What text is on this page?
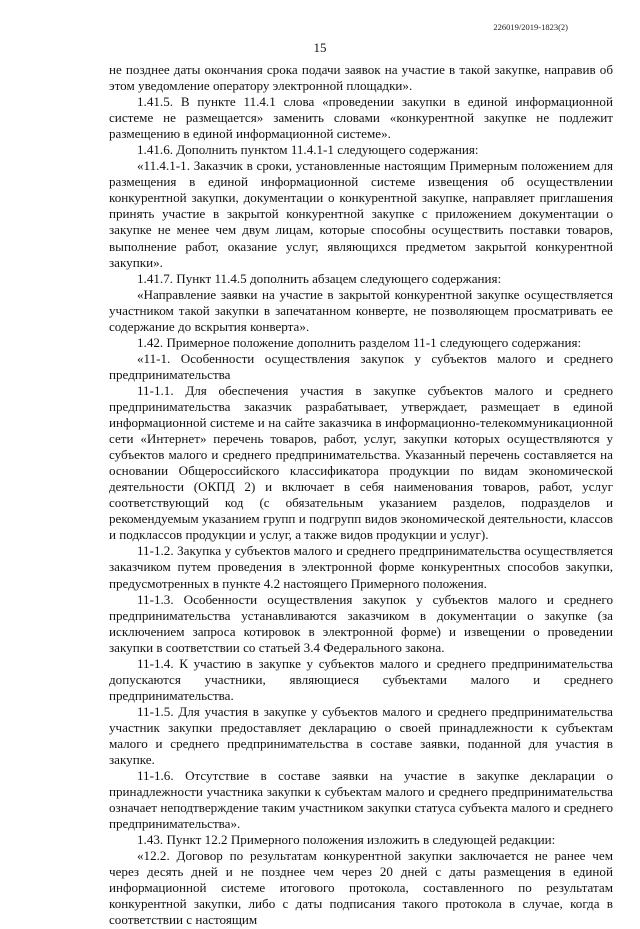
226019/2019-1823(2)
15

не позднее даты окончания срока подачи заявок на участие в такой закупке, направив об этом уведомление оператору электронной площадки».

1.41.5. В пункте 11.4.1 слова «проведении закупки в единой информационной системе не размещается» заменить словами «конкурентной закупке не подлежит размещению в единой информационной системе».

1.41.6. Дополнить пунктом 11.4.1-1 следующего содержания:

«11.4.1-1. Заказчик в сроки, установленные настоящим Примерным положением для размещения в единой информационной системе извещения об осуществлении конкурентной закупки, документации о конкурентной закупке, направляет приглашения принять участие в закрытой конкурентной закупке с приложением документации о закупке не менее чем двум лицам, которые способны осуществить поставки товаров, выполнение работ, оказание услуг, являющихся предметом закрытой конкурентной закупки».

1.41.7. Пункт 11.4.5 дополнить абзацем следующего содержания:

«Направление заявки на участие в закрытой конкурентной закупке осуществляется участником такой закупки в запечатанном конверте, не позволяющем просматривать ее содержание до вскрытия конверта».

1.42. Примерное положение дополнить разделом 11-1 следующего содержания:

«11-1. Особенности осуществления закупок у субъектов малого и среднего предпринимательства

11-1.1. Для обеспечения участия в закупке субъектов малого и среднего предпринимательства заказчик разрабатывает, утверждает, размещает в единой информационной системе и на сайте заказчика в информационно-телекоммуникационной сети «Интернет» перечень товаров, работ, услуг, закупки которых осуществляются у субъектов малого и среднего предпринимательства. Указанный перечень составляется на основании Общероссийского классификатора продукции по видам экономической деятельности (ОКПД 2) и включает в себя наименования товаров, работ, услуг соответствующий код (с обязательным указанием разделов, подразделов и рекомендуемым указанием групп и подгрупп видов экономической деятельности, классов и подклассов продукции и услуг, а также видов продукции и услуг).

11-1.2. Закупка у субъектов малого и среднего предпринимательства осуществляется заказчиком путем проведения в электронной форме конкурентных способов закупки, предусмотренных в пункте 4.2 настоящего Примерного положения.

11-1.3. Особенности осуществления закупок у субъектов малого и среднего предпринимательства устанавливаются заказчиком в документации о закупке (за исключением запроса котировок в электронной форме) и извещении о проведении закупки в соответствии со статьей 3.4 Федерального закона.

11-1.4. К участию в закупке у субъектов малого и среднего предпринимательства допускаются участники, являющиеся субъектами малого и среднего предпринимательства.

11-1.5. Для участия в закупке у субъектов малого и среднего предпринимательства участник закупки предоставляет декларацию о своей принадлежности к субъектам малого и среднего предпринимательства в составе заявки, поданной для участия в закупке.

11-1.6. Отсутствие в составе заявки на участие в закупке декларации о принадлежности участника закупки к субъектам малого и среднего предпринимательства означает неподтверждение таким участником закупки статуса субъекта малого и среднего предпринимательства».

1.43. Пункт 12.2 Примерного положения изложить в следующей редакции:

«12.2. Договор по результатам конкурентной закупки заключается не ранее чем через десять дней и не позднее чем через 20 дней с даты размещения в единой информационной системе итогового протокола, составленного по результатам конкурентной закупки, либо с даты подписания такого протокола в случае, когда в соответствии с настоящим
